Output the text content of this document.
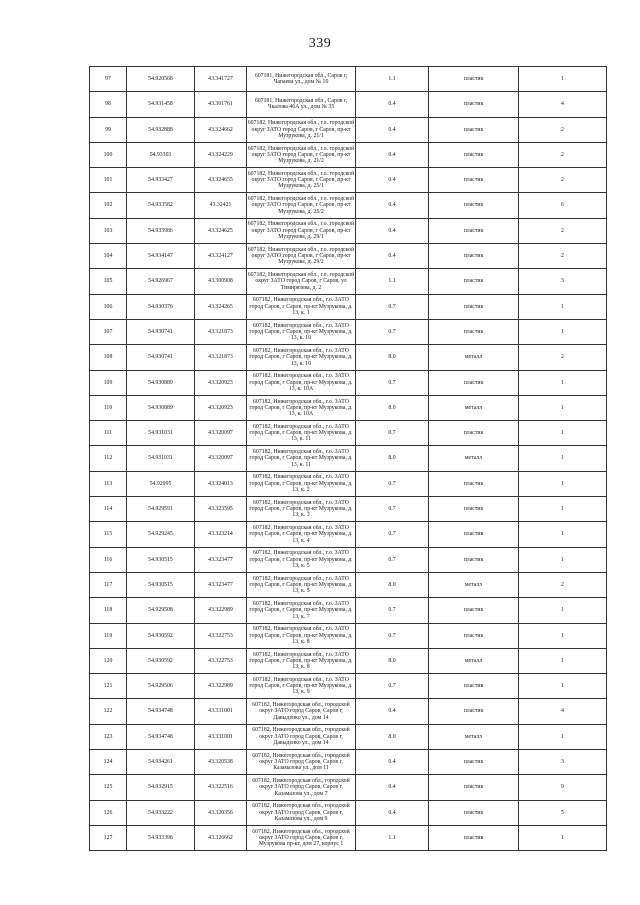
339
97	54.920568	43.341727	607181, Нижегородская обл., Саров г, Чапаева ул., дом № 10	1.1	пластик	1
98	54.931458	43.301761	607181, Нижегородская обл., Саров г, Чкалова 46А ул., дом № 35	0.4	пластик	4
99	54.932888	43.324662	607182, Нижегородская обл., г.о. городской округ ЗАТО город Саров, г Саров, пр-кт Музрукова, д. 21/1	0.4	пластик	2
100	54.93303	43.324229	607182, Нижегородская обл., г.о. городской округ ЗАТО город Саров, г Саров, пр-кт Музрукова, д. 21/2	0.4	пластик	2
101	54.933427	43.324655	607182, Нижегородская обл., г.о. городской округ ЗАТО город Саров, г Саров, пр-кт Музрукова, д. 25/1	0.4	пластик	2
102	54.933582	43.32421	607182, Нижегородская обл., г.о. городской округ ЗАТО город Саров, г Саров, пр-кт Музрукова, д. 25/2	0.4	пластик	6
103	54.933986	43.324625	607182, Нижегородская обл., г.о. городской округ ЗАТО город Саров, г Саров, пр-кт Музрукова, д. 29/1	0.4	пластик	2
104	54.934147	43.324127	607182, Нижегородская обл., г.о. городской округ ЗАТО город Саров, г Саров, пр-кт Музрукова, д. 29/2	0.4	пластик	2
105	54.926967	43.300908	607182, Нижегородская обл., г.о. городской округ ЗАТО город Саров, г Саров, ул Тимирязева, д. 2	1.1	пластик	3
106	54.930376	43.324265	607182, Нижегородская обл., г.о. ЗАТО город Саров, г Саров, пр-кт Музрукова, д. 13, к. 1	0.7	пластик	1
107	54.930741	43.321873	607182, Нижегородская обл., г.о. ЗАТО город Саров, г Саров, пр-кт Музрукова, д. 13, к. 10	0.7	пластик	1
108	54.930741	43.321873	607182, Нижегородская обл., г.о. ЗАТО город Саров, г Саров, пр-кт Музрукова, д. 13, к. 10	8.0	металл	2
109	54.930889	43.320923	607182, Нижегородская обл., г.о. ЗАТО город Саров, г Саров, пр-кт Музрукова, д. 13, к. 10А	0.7	пластик	1
110	54.930889	43.320923	607182, Нижегородская обл., г.о. ЗАТО город Саров, г Саров, пр-кт Музрукова, д. 13, к. 10А	8.0	металл	1
111	54.931031	43.320097	607182, Нижегородская обл., г.о. ЗАТО город Саров, г Саров, пр-кт Музрукова, д. 13, к. 11	0.7	пластик	1
112	54.931031	43.320097	607182, Нижегородская обл., г.о. ЗАТО город Саров, г Саров, пр-кт Музрукова, д. 13, к. 11	8.0	металл	1
113	54.92995	43.324013	607182, Нижегородская обл., г.о. ЗАТО город Саров, г Саров, пр-кт Музрукова, д. 13, к. 2	0.7	пластик	1
114	54.929591	43.323595	607182, Нижегородская обл., г.о. ЗАТО город Саров, г Саров, пр-кт Музрукова, д. 13, к. 3	0.7	пластик	1
115	54.929245	43.323214	607182, Нижегородская обл., г.о. ЗАТО город Саров, г Саров, пр-кт Музрукова, д. 13, к. 4	0.7	пластик	1
116	54.930515	43.323477	607182, Нижегородская обл., г.о. ЗАТО город Саров, г Саров, пр-кт Музрукова, д. 13, к. 5	0.7	пластик	1
117	54.930515	43.323477	607182, Нижегородская обл., г.о. ЗАТО город Саров, г Саров, пр-кт Музрукова, д. 13, к. 5	8.0	металл	2
118	54.929508	43.322989	607182, Нижегородская обл., г.о. ЗАТО город Саров, г Саров, пр-кт Музрукова, д. 13, к. 7	0.7	пластик	1
119	54.930592	43.322753	607182, Нижегородская обл., г.о. ЗАТО город Саров, г Саров, пр-кт Музрукова, д. 13, к. 8	0.7	пластик	1
120	54.930592	43.322753	607182, Нижегородская обл., г.о. ЗАТО город Саров, г Саров, пр-кт Музрукова, д. 13, к. 8	8.0	металл	1
121	54.929506	43.322989	607182, Нижегородская обл., г.о. ЗАТО город Саров, г Саров, пр-кт Музрукова, д. 13, к. 9	0.7	пластик	1
122	54.934748	43.331001	607182, Нижегородская обл., городской округ ЗАТО город Саров, Саров г, Давыденко ул., дом 14	0.4	пластик	4
123	54.934748	43.331001	607182, Нижегородская обл., городской округ ЗАТО город Саров, Саров г, Давыденко ул., дом 14	8.0	металл	1
124	54.934261	43.320538	607182, Нижегородская обл., городской округ ЗАТО город Саров, Саров г, Казамазова ул., дом 11	0.4	пластик	3
125	54.932915	43.322516	607182, Нижегородская обл., городской округ ЗАТО город Саров, Саров г, Казамазова ул., дом 7	0.4	пластик	9
126	54.933222	43.320356	607182, Нижегородская обл., городской округ ЗАТО город Саров, Саров г, Казамазова ул., дом 9	0.4	пластик	5
127	54.933398	43.326662	607182, Нижегородская обл., городской округ ЗАТО город Саров, Саров г, Музрукова пр-кт, дом 27, корпус 1	1.1	пластик	1
